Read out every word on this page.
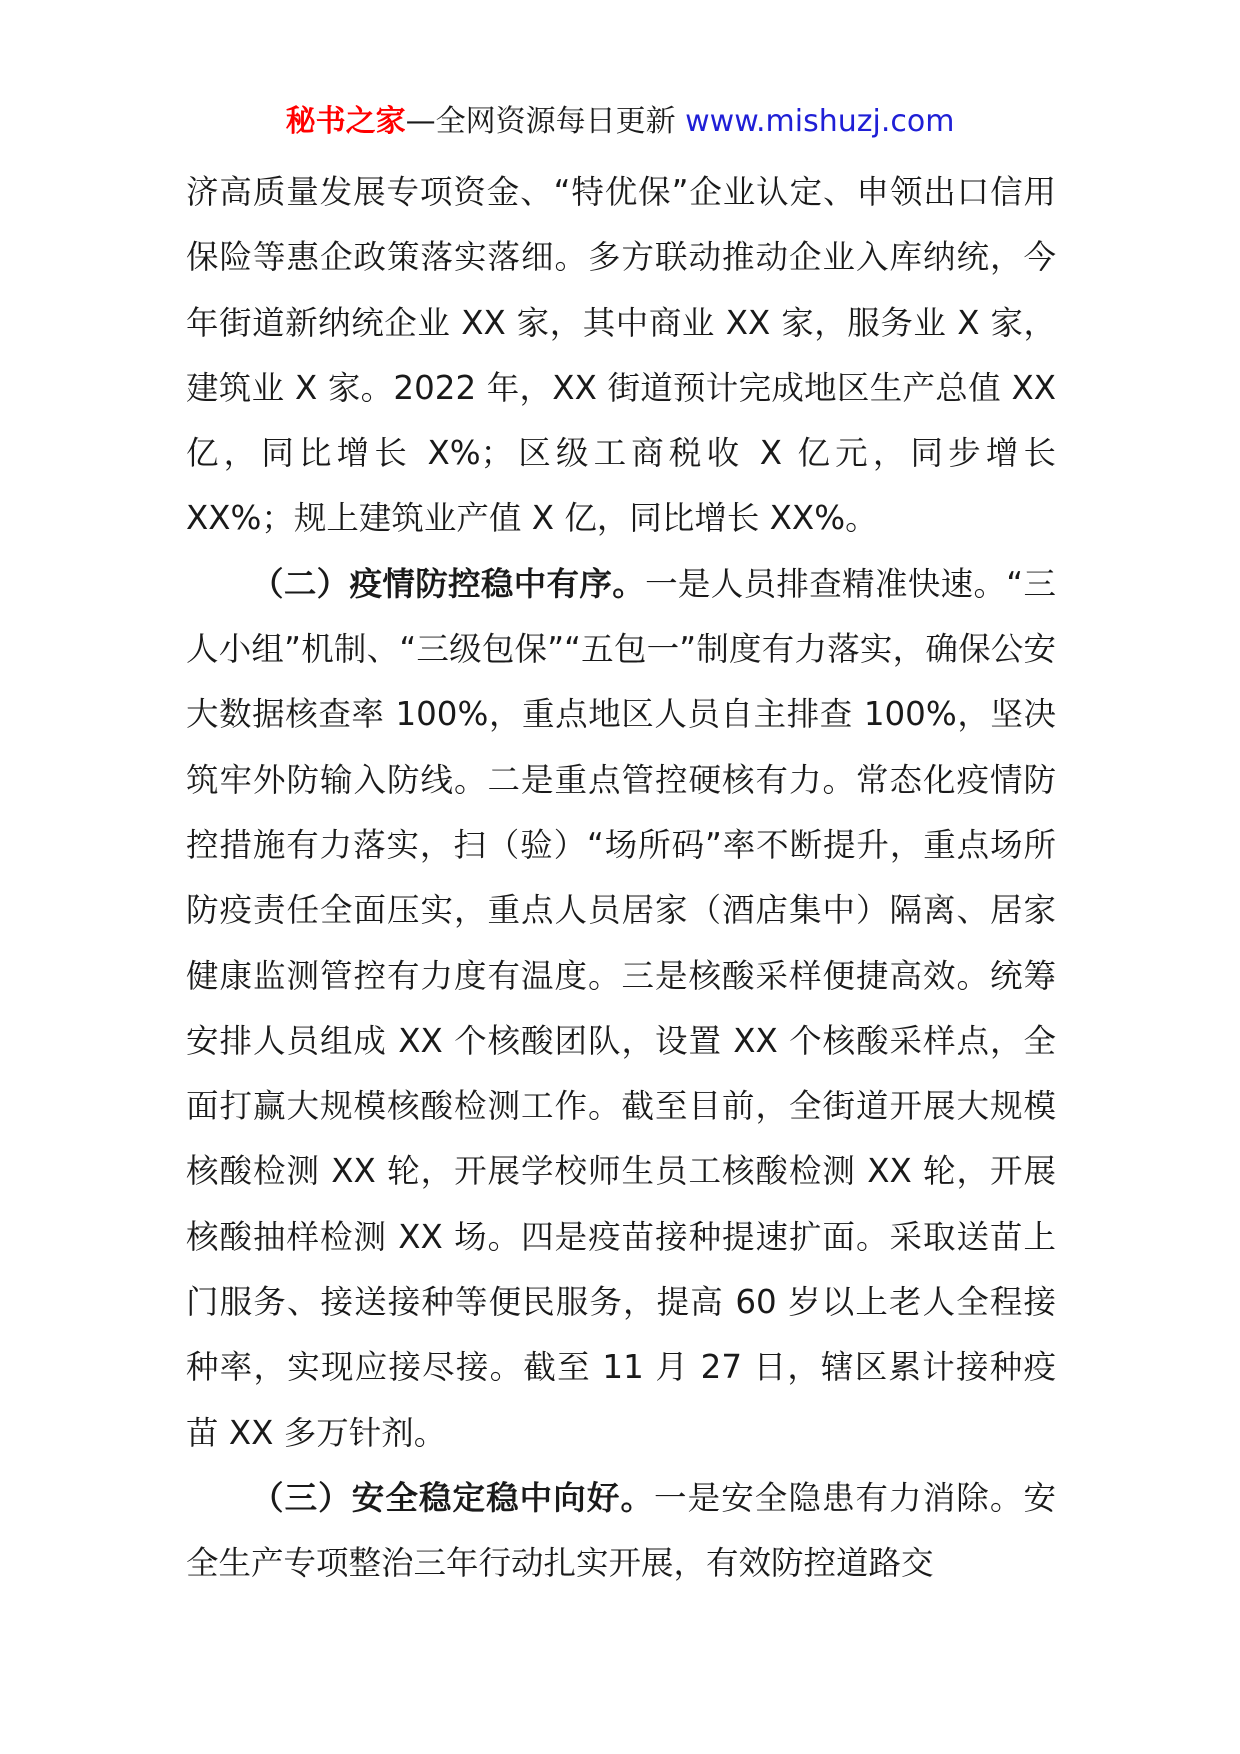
秘书之家—全网资源每日更新 www.mishuzj.com

济高质量发展专项资金、“特优保”企业认定、申领出口信用保险等惠企政策落实落细。多方联动推动企业入库纳统，今年街道新纳统企业 XX 家，其中商业 XX 家，服务业 X 家，建筑业 X 家。2022 年，XX 街道预计完成地区生产总值 XX 亿，同比增长 X%；区级工商税收 X 亿元，同步增长 XX%；规上建筑业产值 X 亿，同比增长 XX%。

（二）疫情防控稳中有序。一是人员排查精准快速。“三人小组”机制、“三级包保”“五包一”制度有力落实，确保公安大数据核查率 100%，重点地区人员自主排查 100%，坚决筑牢外防输入防线。二是重点管控硬核有力。常态化疫情防控措施有力落实，扫（验）“场所码”率不断提升，重点场所防疫责任全面压实，重点人员居家（酒店集中）隔离、居家健康监测管控有力度有温度。三是核酸采样便捷高效。统筹安排人员组成 XX 个核酸团队，设置 XX 个核酸采样点，全面打赢大规模核酸检测工作。截至目前，全街道开展大规模核酸检测 XX 轮，开展学校师生员工核酸检测 XX 轮，开展核酸抽样检测 XX 场。四是疫苗接种提速扩面。采取送苗上门服务、接送接种等便民服务，提高 60 岁以上老人全程接种率，实现应接尽接。截至 11 月 27 日，辖区累计接种疫苗 XX 多万针剂。

（三）安全稳定稳中向好。一是安全隐患有力消除。安全生产专项整治三年行动扎实开展，有效防控道路交
